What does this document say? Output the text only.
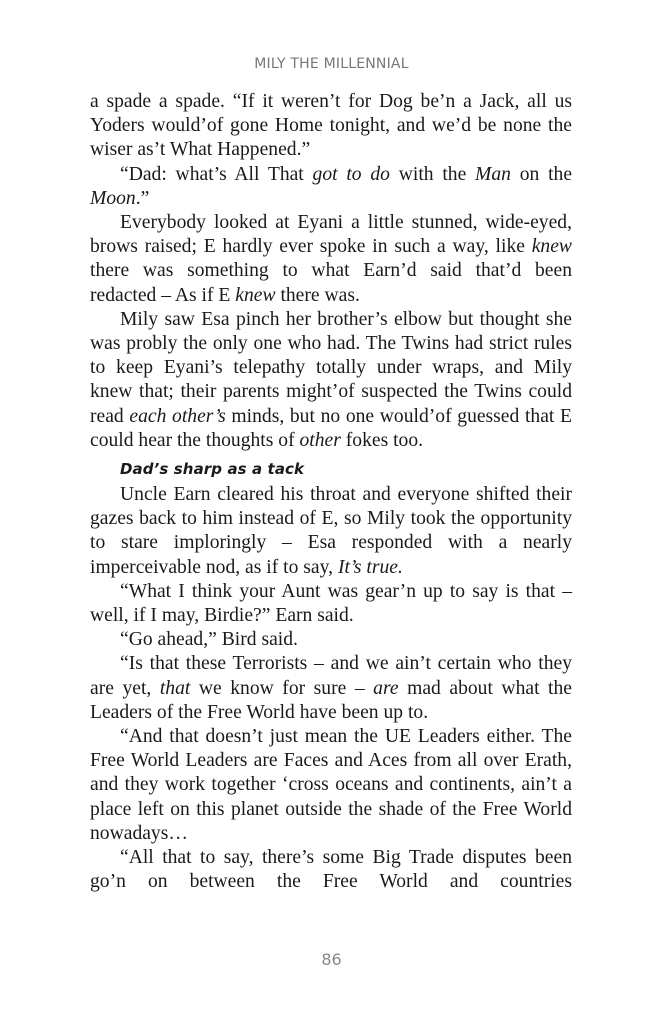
MILY THE MILLENNIAL

a spade a spade. “If it weren’t for Dog be’n a Jack, all us Yoders would’of gone Home tonight, and we’d be none the wiser as’t What Happened.”

“Dad: what’s All That got to do with the Man on the Moon.”

Everybody looked at Eyani a little stunned, wide-eyed, brows raised; E hardly ever spoke in such a way, like knew there was something to what Earn’d said that’d been redacted – As if E knew there was.

Mily saw Esa pinch her brother’s elbow but thought she was probly the only one who had. The Twins had strict rules to keep Eyani’s telepathy totally under wraps, and Mily knew that; their parents might’of suspected the Twins could read each other’s minds, but no one would’of guessed that E could hear the thoughts of other fokes too.

Dad’s sharp as a tack

Uncle Earn cleared his throat and everyone shifted their gazes back to him instead of E, so Mily took the opportunity to stare imploringly – Esa responded with a nearly imperceivable nod, as if to say, It’s true.

“What I think your Aunt was gear’n up to say is that – well, if I may, Birdie?” Earn said.

“Go ahead,” Bird said.

“Is that these Terrorists – and we ain’t certain who they are yet, that we know for sure – are mad about what the Leaders of the Free World have been up to.

“And that doesn’t just mean the UE Leaders either. The Free World Leaders are Faces and Aces from all over Erath, and they work together ‘cross oceans and continents, ain’t a place left on this planet outside the shade of the Free World nowadays…

“All that to say, there’s some Big Trade disputes been go’n on between the Free World and countries

86
